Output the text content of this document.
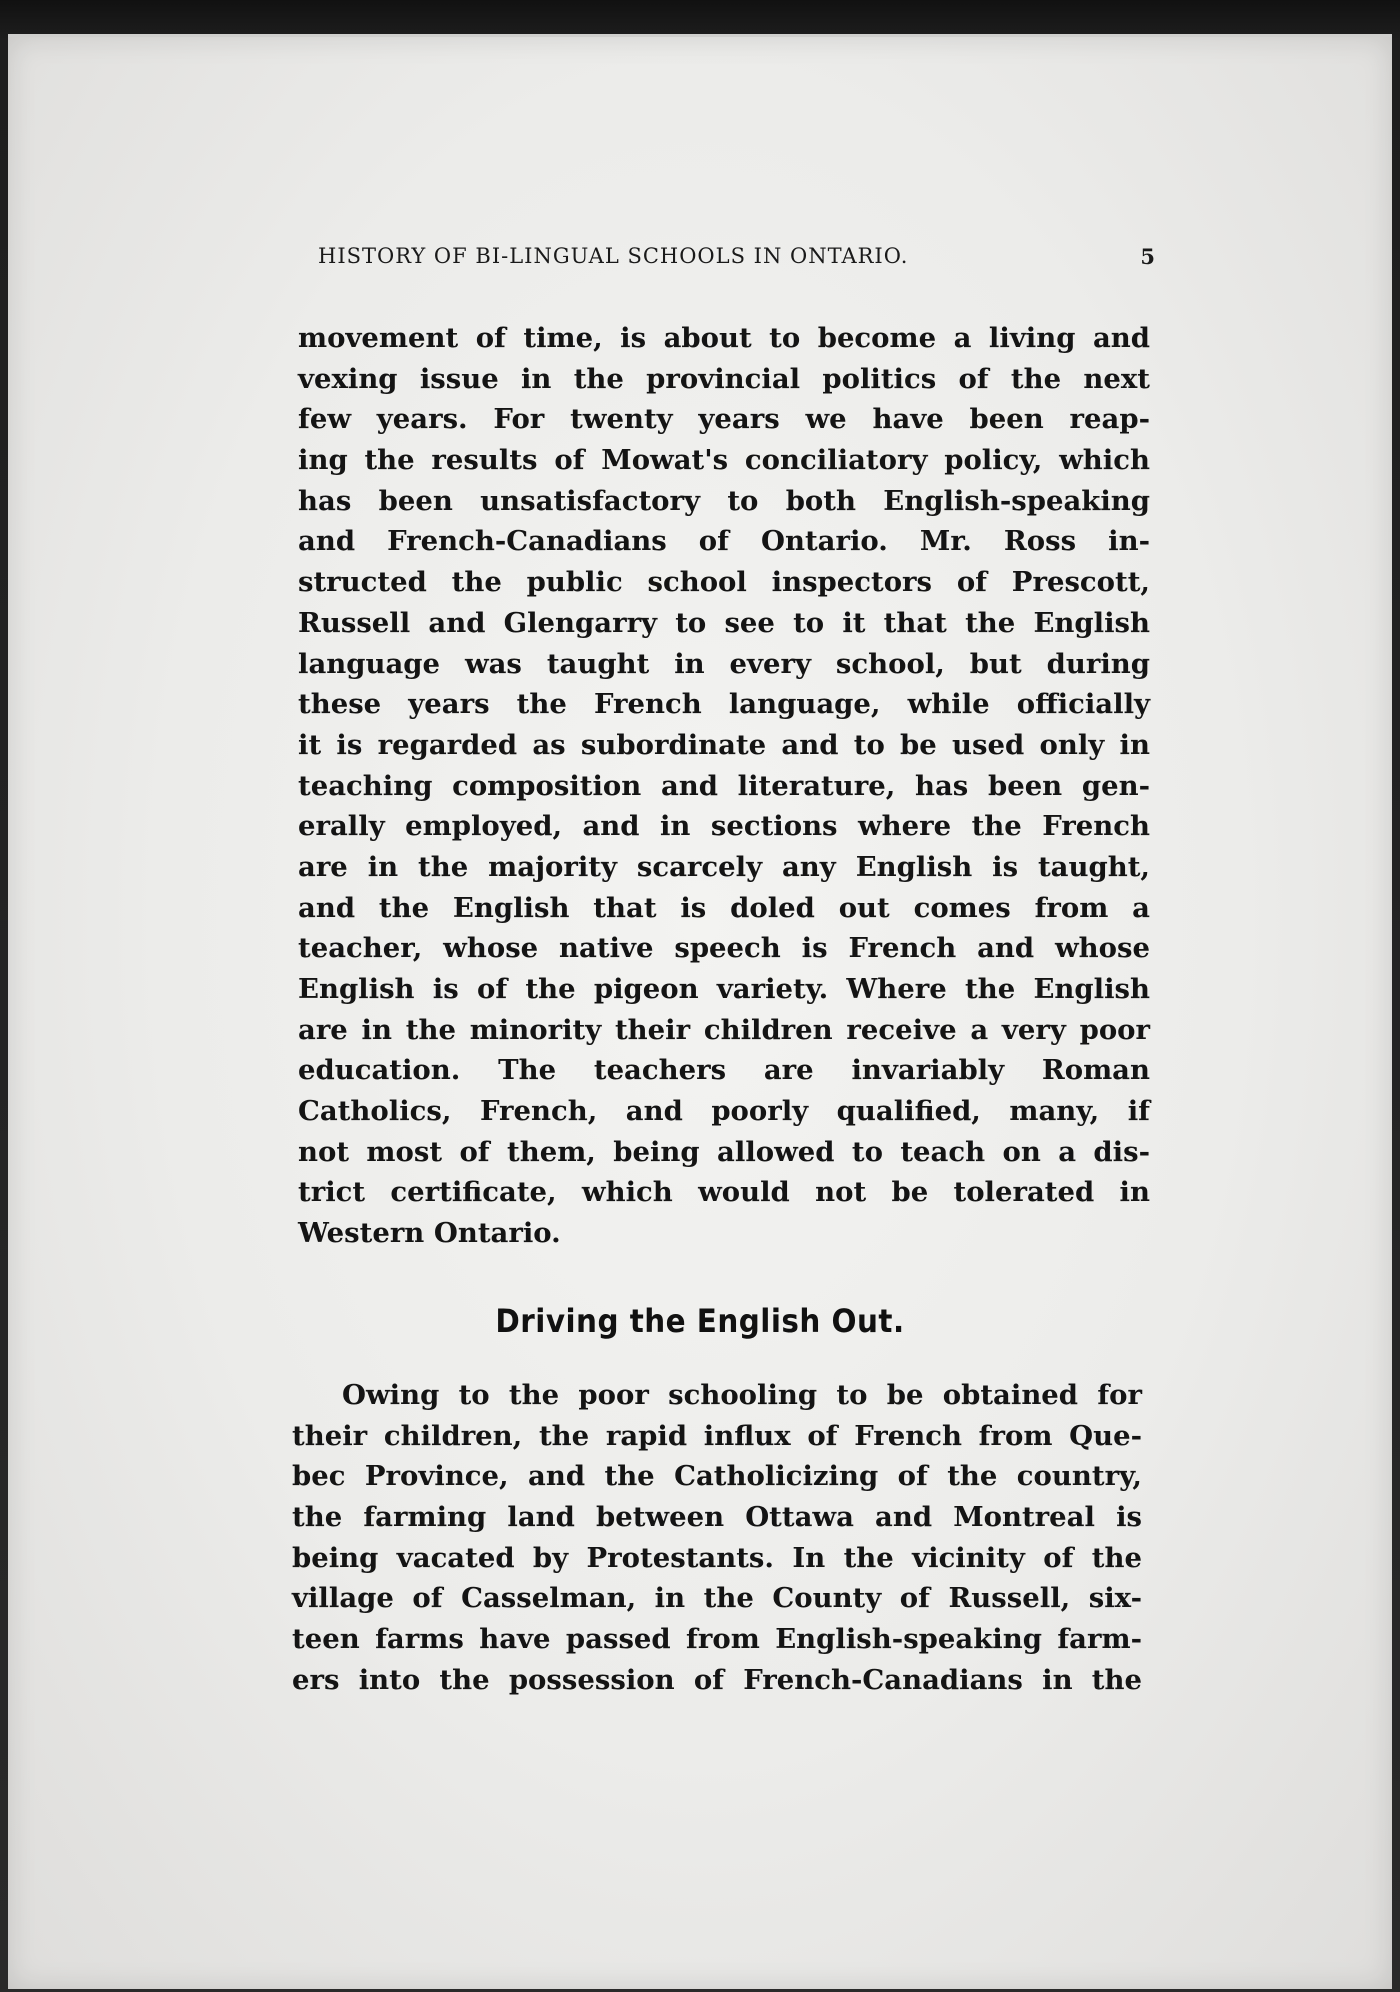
HISTORY OF BI-LINGUAL SCHOOLS IN ONTARIO.	5
movement of time, is about to become a living and
vexing issue in the provincial politics of the next
few years. For twenty years we have been reap-
ing the results of Mowat's conciliatory policy, which
has been unsatisfactory to both English-speaking
and French-Canadians of Ontario. Mr. Ross in-
structed the public school inspectors of Prescott,
Russell and Glengarry to see to it that the English
language was taught in every school, but during
these years the French language, while officially
it is regarded as subordinate and to be used only in
teaching composition and literature, has been gen-
erally employed, and in sections where the French
are in the majority scarcely any English is taught,
and the English that is doled out comes from a
teacher, whose native speech is French and whose
English is of the pigeon variety. Where the English
are in the minority their children receive a very poor
education. The teachers are invariably Roman
Catholics, French, and poorly qualified, many, if
not most of them, being allowed to teach on a dis-
trict certificate, which would not be tolerated in
Western Ontario.
Driving the English Out.
Owing to the poor schooling to be obtained for
their children, the rapid influx of French from Que-
bec Province, and the Catholicizing of the country,
the farming land between Ottawa and Montreal is
being vacated by Protestants. In the vicinity of the
village of Casselman, in the County of Russell, six-
teen farms have passed from English-speaking farm-
ers into the possession of French-Canadians in the
